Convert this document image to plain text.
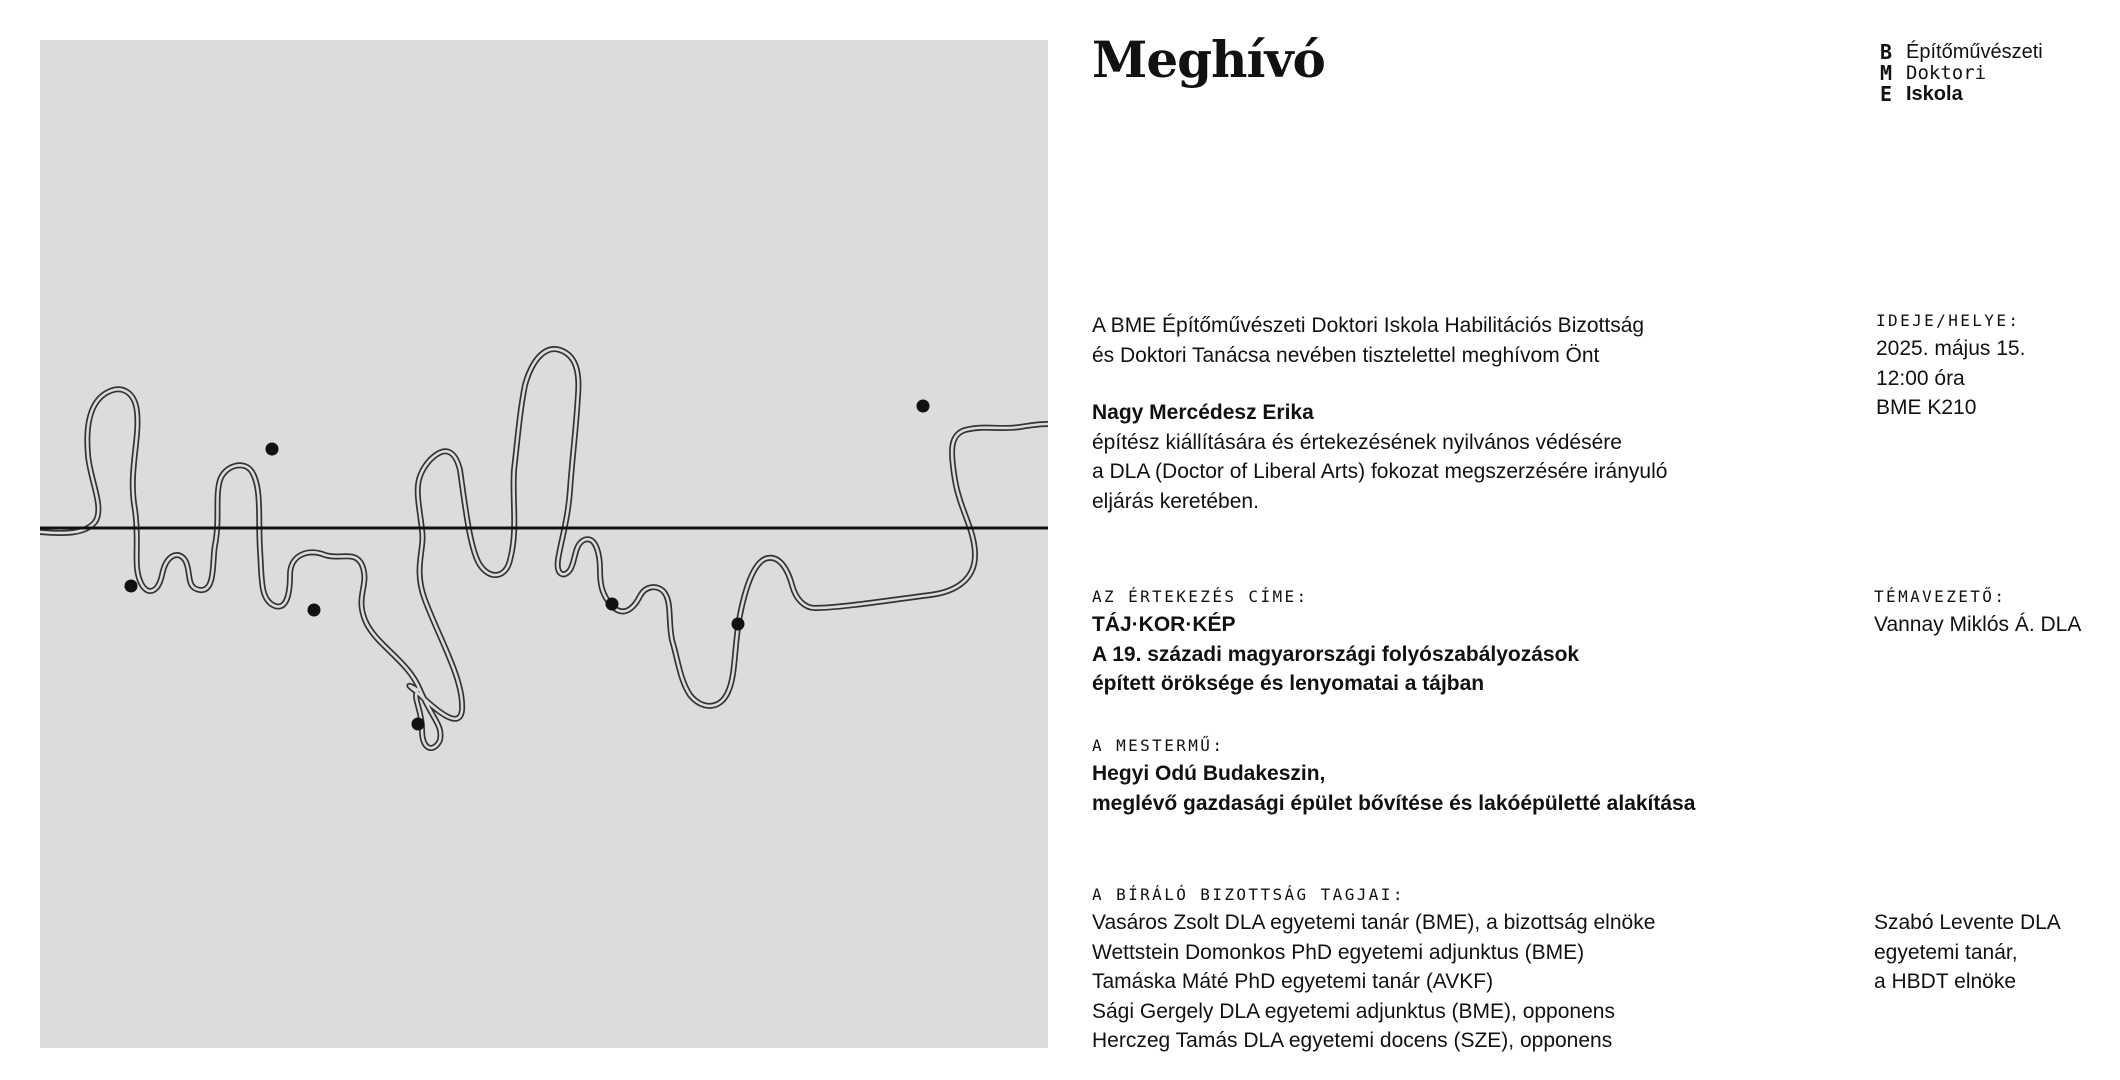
Meghívó	B Építőművészeti
M Doktori
E Iskola

A BME Építőművészeti Doktori Iskola Habilitációs Bizottság

és Doktori Tanácsa nevében tisztelettel meghívom Önt

Nagy Mercédesz Erika

építész kiállítására és értekezésének nyilvános védésére

a DLA (Doctor of Liberal Arts) fokozat megszerzésére irányuló

eljárás keretében.

IDEJE/HELYE:

2025. május 15.

12:00 óra

BME K210

AZ ÉRTEKEZÉS CÍME:

TÁJ·KOR·KÉP

A 19. századi magyarországi folyószabályozások

épített öröksége és lenyomatai a tájban

TÉMAVEZETŐ:

Vannay Miklós Á. DLA

A MESTERMŰ:

Hegyi Odú Budakeszin,

meglévő gazdasági épület bővítése és lakóépületté alakítása

A BÍRÁLÓ BIZOTTSÁG TAGJAI:

Vasáros Zsolt DLA egyetemi tanár (BME), a bizottság elnöke

Wettstein Domonkos PhD egyetemi adjunktus (BME)

Tamáska Máté PhD egyetemi tanár (AVKF)

Sági Gergely DLA egyetemi adjunktus (BME), opponens

Herczeg Tamás DLA egyetemi docens (SZE), opponens

Szabó Levente DLA

egyetemi tanár,

a HBDT elnöke
